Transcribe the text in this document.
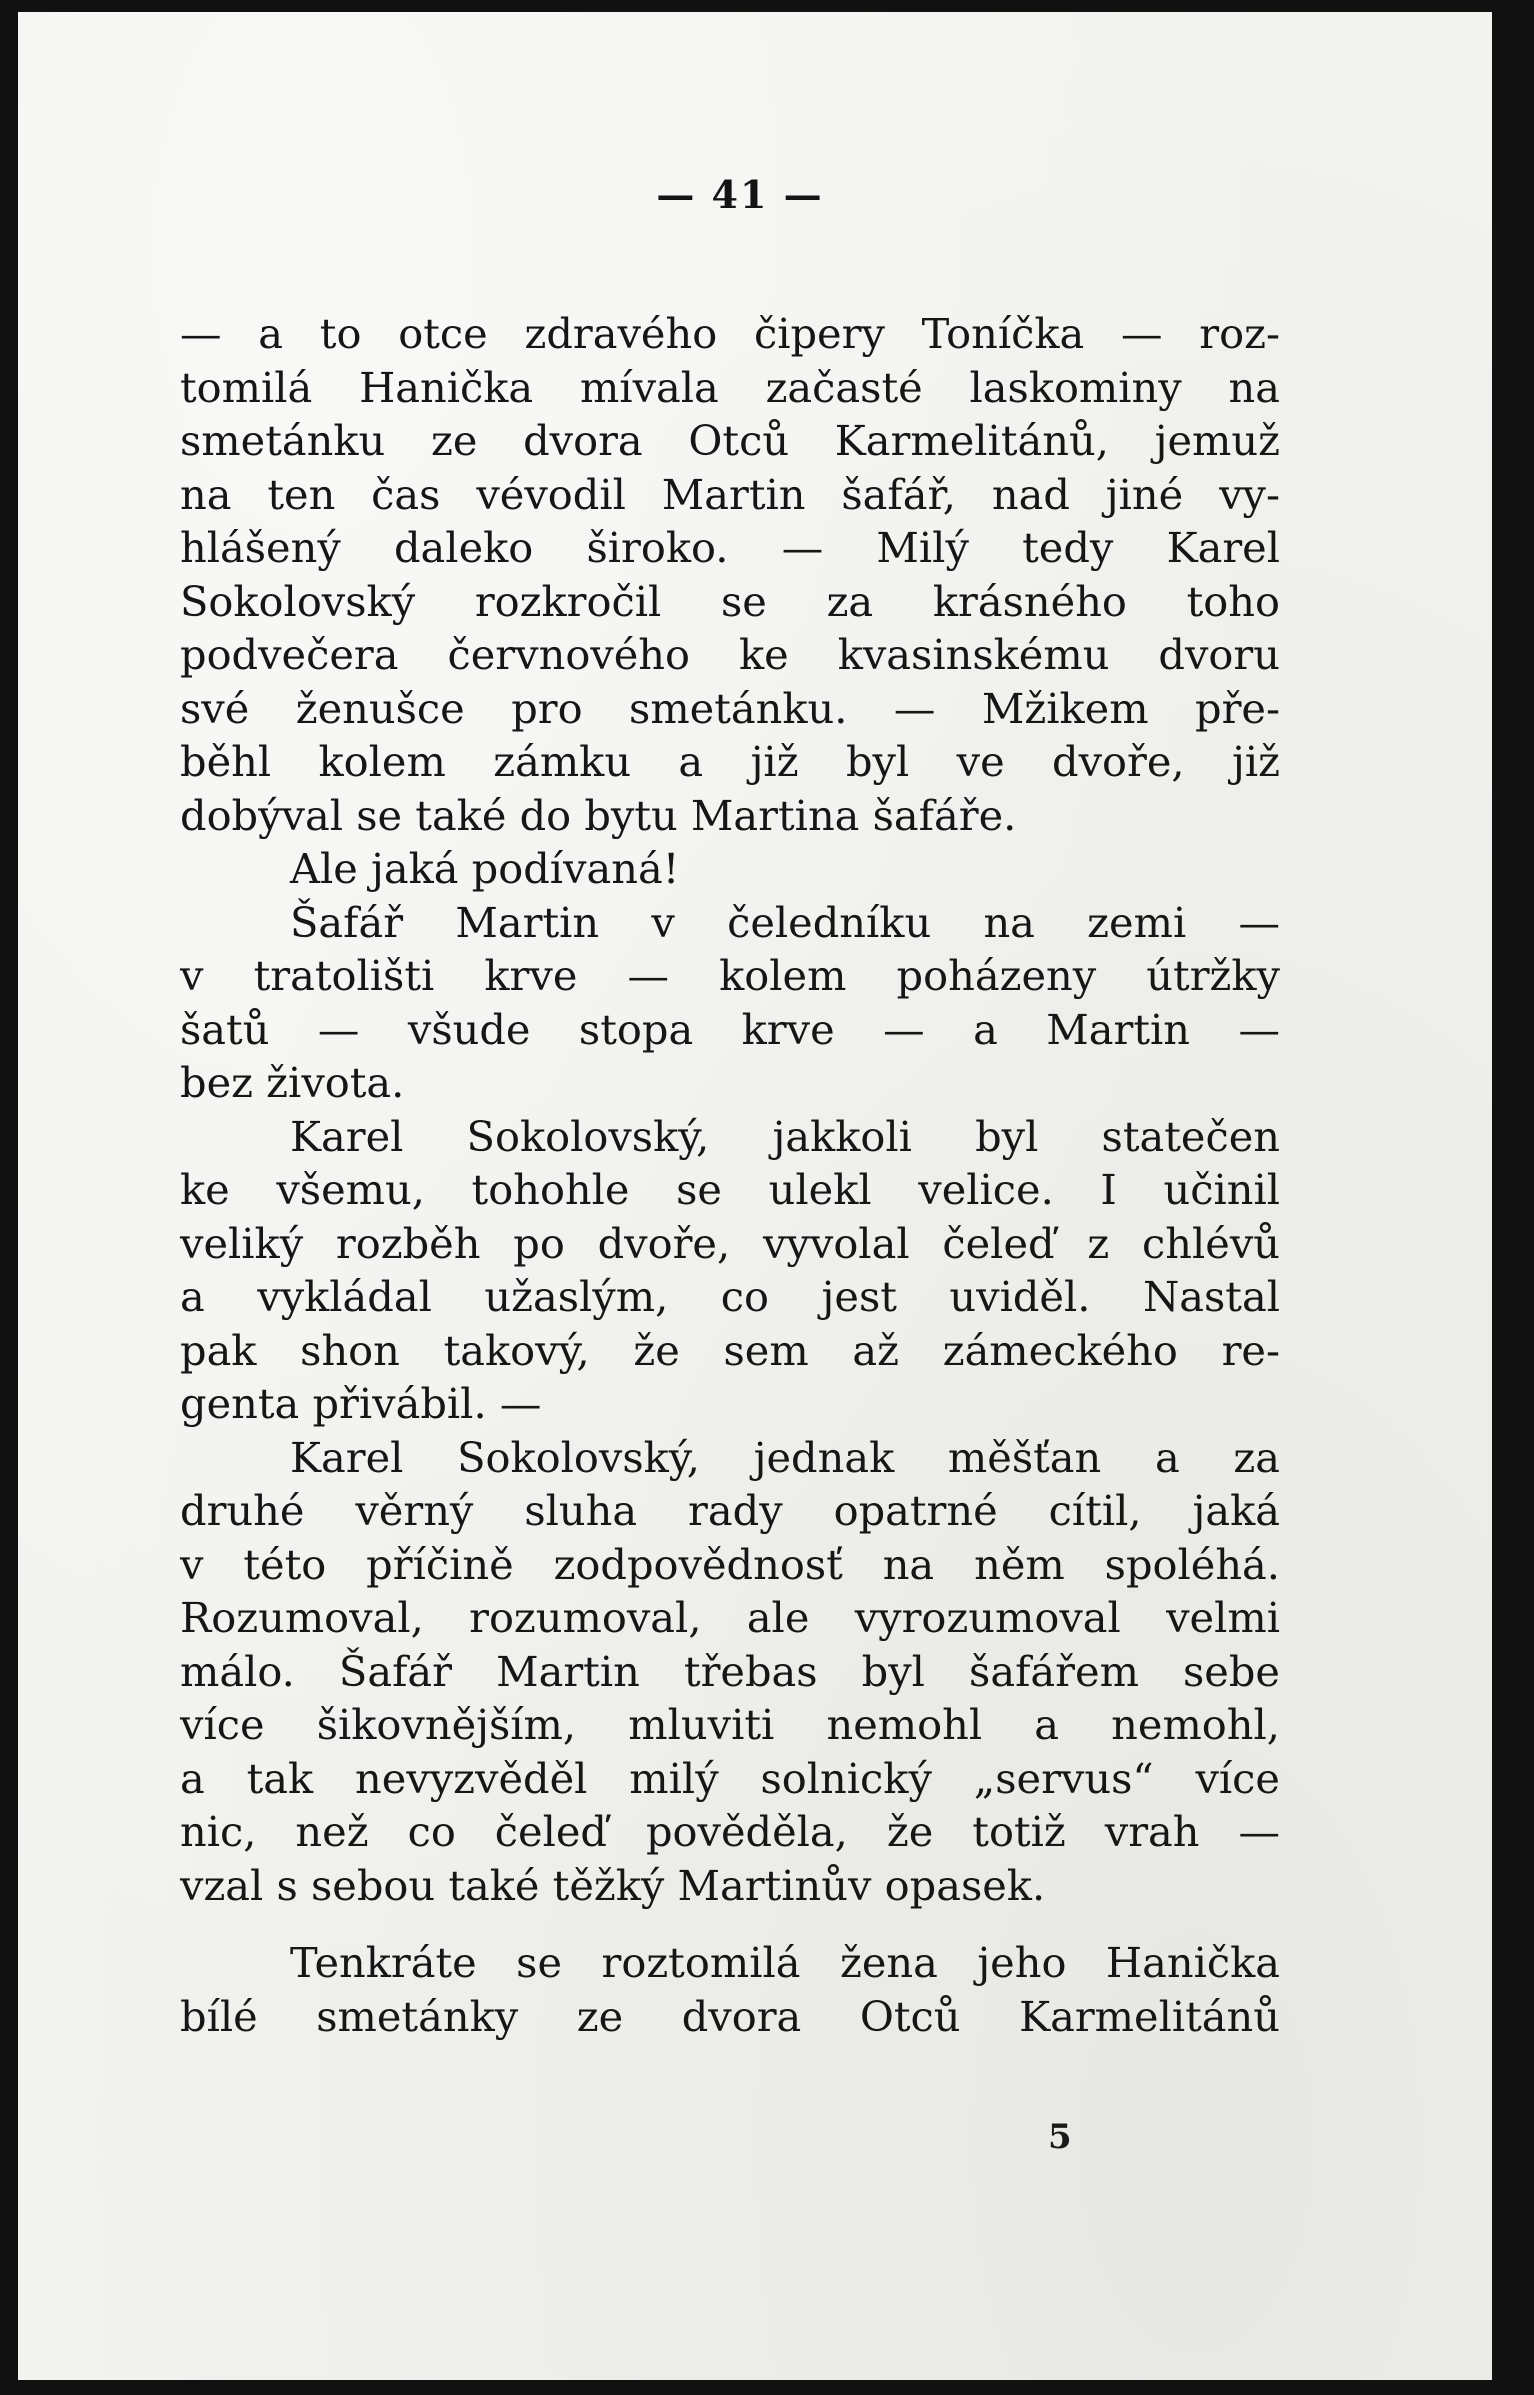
— 41 —
— a to otce zdravého čipery Toníčka — roz-
tomilá Hanička mívala začasté laskominy na
smetánku ze dvora Otců Karmelitánů, jemuž
na ten čas vévodil Martin šafář, nad jiné vy-
hlášený daleko široko. — Milý tedy Karel
Sokolovský rozkročil se za krásného toho
podvečera červnového ke kvasinskému dvoru
své ženušce pro smetánku. — Mžikem pře-
běhl kolem zámku a již byl ve dvoře, již
dobýval se také do bytu Martina šafáře.
Ale jaká podívaná!
Šafář Martin v čeledníku na zemi —
v tratolišti krve — kolem poházeny útržky
šatů — všude stopa krve — a Martin —
bez života.
Karel Sokolovský, jakkoli byl statečen
ke všemu, tohohle se ulekl velice. I učinil
veliký rozběh po dvoře, vyvolal čeleď z chlévů
a vykládal užaslým, co jest uviděl. Nastal
pak shon takový, že sem až zámeckého re-
genta přivábil. —
Karel Sokolovský, jednak měšťan a za
druhé věrný sluha rady opatrné cítil, jaká
v této příčině zodpovědnosť na něm spoléhá.
Rozumoval, rozumoval, ale vyrozumoval velmi
málo. Šafář Martin třebas byl šafářem sebe
více šikovnějším, mluviti nemohl a nemohl,
a tak nevyzvěděl milý solnický „servus“ více
nic, než co čeleď pověděla, že totiž vrah —
vzal s sebou také těžký Martinův opasek.
Tenkráte se roztomilá žena jeho Hanička
bílé smetánky ze dvora Otců Karmelitánů
5
